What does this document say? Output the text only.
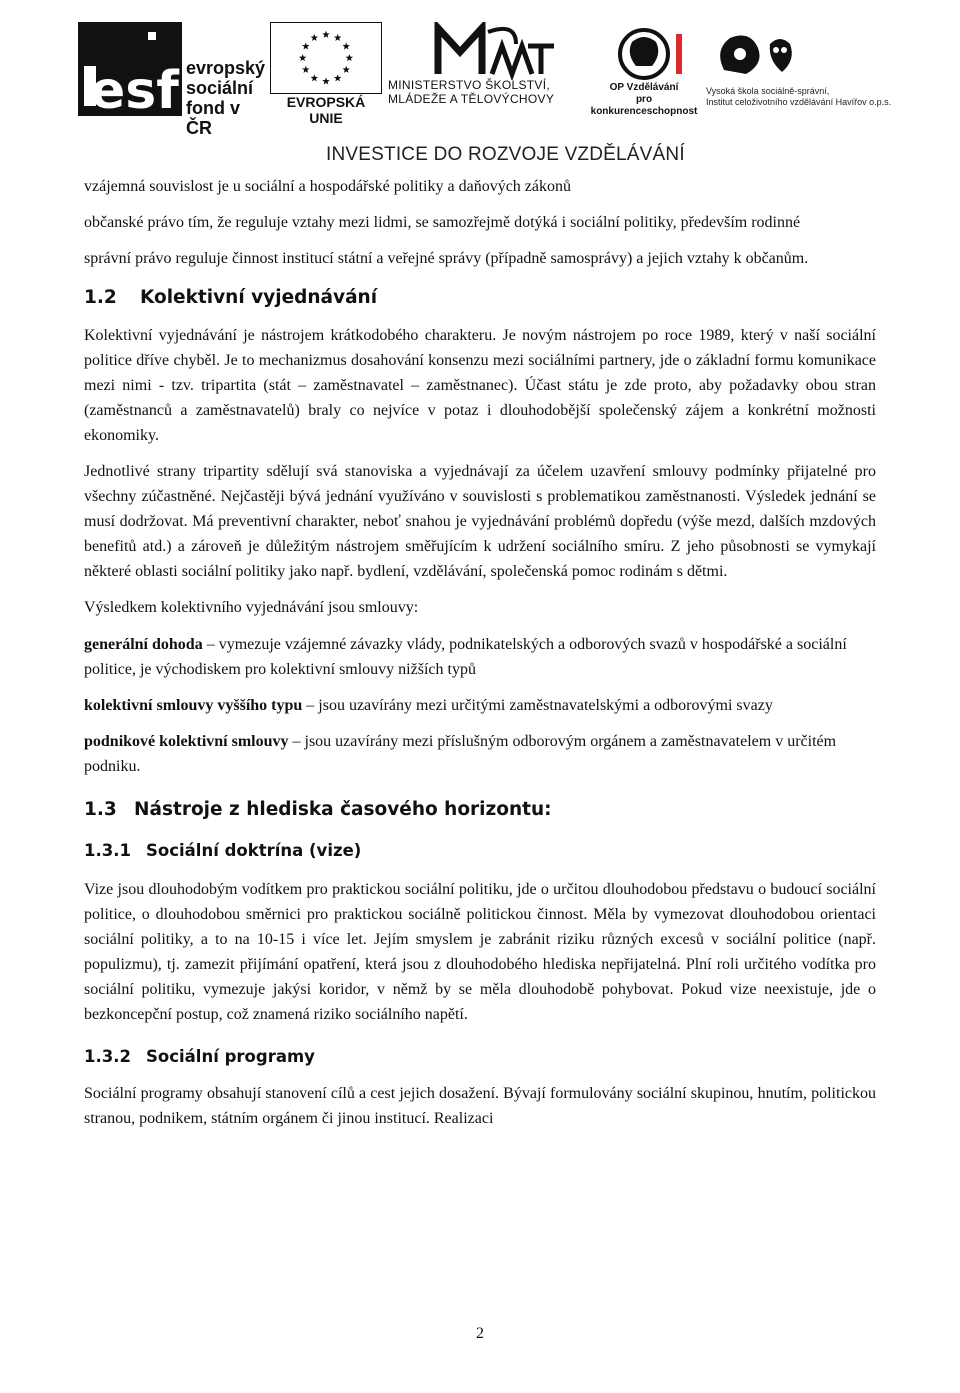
esf evropský
sociální
fond v ČR
EVROPSKÁ UNIE
MINISTERSTVO ŠKOLSTVÍ,
MLÁDEŽE A TĚLOVÝCHOVY
OP Vzdělávání
pro konkurenceschopnost
Vysoká škola sociálně-správní,
Institut celoživotního vzdělávání Havířov o.p.s.
INVESTICE DO ROZVOJE VZDĚLÁVÁNÍ

vzájemná souvislost je u sociální a hospodářské politiky a daňových zákonů

občanské právo tím, že reguluje vztahy mezi lidmi, se samozřejmě dotýká i sociální politiky, především rodinné

správní právo reguluje činnost institucí státní a veřejné správy (případně samosprávy) a jejich vztahy k občanům.

1.2 Kolektivní vyjednávání

Kolektivní vyjednávání je nástrojem krátkodobého charakteru. Je novým nástrojem po roce 1989, který v naší sociální politice dříve chyběl. Je to mechanizmus dosahování konsenzu mezi sociálními partnery, jde o základní formu komunikace mezi nimi - tzv. tripartita (stát – zaměstnavatel – zaměstnanec). Účast státu je zde proto, aby požadavky obou stran (zaměstnanců a zaměstnavatelů) braly co nejvíce v potaz i dlouhodobější společenský zájem a konkrétní možnosti ekonomiky.

Jednotlivé strany tripartity sdělují svá stanoviska a vyjednávají za účelem uzavření smlouvy podmínky přijatelné pro všechny zúčastněné. Nejčastěji bývá jednání využíváno v souvislosti s problematikou zaměstnanosti. Výsledek jednání se musí dodržovat. Má preventivní charakter, neboť snahou je vyjednávání problémů dopředu (výše mezd, dalších mzdových benefitů atd.) a zároveň je důležitým nástrojem směřujícím k udržení sociálního smíru. Z jeho působnosti se vymykají některé oblasti sociální politiky jako např. bydlení, vzdělávání, společenská pomoc rodinám s dětmi.

Výsledkem kolektivního vyjednávání jsou smlouvy:

generální dohoda – vymezuje vzájemné závazky vlády, podnikatelských a odborových svazů v hospodářské a sociální politice, je východiskem pro kolektivní smlouvy nižších typů

kolektivní smlouvy vyššího typu – jsou uzavírány mezi určitými zaměstnavatelskými a odborovými svazy

podnikové kolektivní smlouvy – jsou uzavírány mezi příslušným odborovým orgánem a zaměstnavatelem v určitém podniku.

1.3 Nástroje z hlediska časového horizontu:
1.3.1 Sociální doktrína (vize)

Vize jsou dlouhodobým vodítkem pro praktickou sociální politiku, jde o určitou dlouhodobou představu o budoucí sociální politice, o dlouhodobou směrnici pro praktickou sociálně politickou činnost. Měla by vymezovat dlouhodobou orientaci sociální politiky, a to na 10-15 i více let. Jejím smyslem je zabránit riziku různých excesů v sociální politice (např. populizmu), tj. zamezit přijímání opatření, která jsou z dlouhodobého hlediska nepřijatelná. Plní roli určitého vodítka pro sociální politiku, vymezuje jakýsi koridor, v němž by se měla dlouhodobě pohybovat. Pokud vize neexistuje, jde o bezkoncepční postup, což znamená riziko sociálního napětí.

1.3.2 Sociální programy

Sociální programy obsahují stanovení cílů a cest jejich dosažení. Bývají formulovány sociální skupinou, hnutím, politickou stranou, podnikem, státním orgánem či jinou institucí. Realizaci

2
